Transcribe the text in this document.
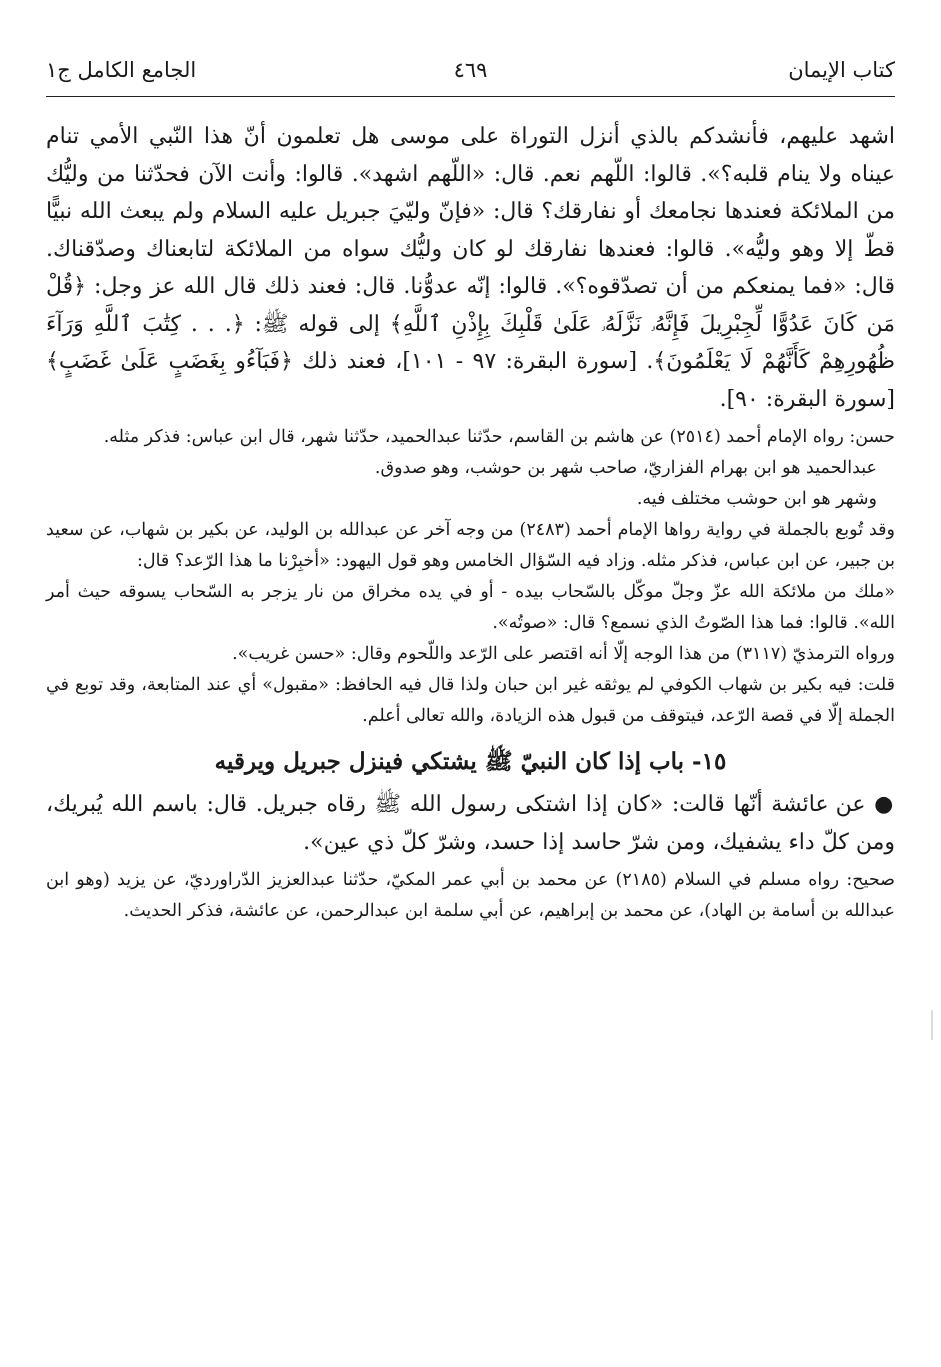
كتاب الإيمان
٤٦٩
الجامع الكامل ج١

اشهد عليهم، فأنشدكم بالذي أنزل التوراة على موسى هل تعلمون أنّ هذا النّبي الأمي تنام عيناه ولا ينام قلبه؟». قالوا: اللّهم نعم. قال: «اللّهم اشهد». قالوا: وأنت الآن فحدّثنا من وليُّك من الملائكة فعندها نجامعك أو نفارقك؟ قال: «فإنّ وليّيَ جبريل عليه السلام ولم يبعث الله نبيًّا قطّ إلا وهو وليُّه». قالوا: فعندها نفارقك لو كان وليُّك سواه من الملائكة لتابعناك وصدّقناك. قال: «فما يمنعكم من أن تصدّقوه؟». قالوا: إنّه عدوُّنا. قال: فعند ذلك قال الله عز وجل: ﴿قُلْ مَن كَانَ عَدُوًّا لِّجِبْرِيلَ فَإِنَّهُۥ نَزَّلَهُۥ عَلَىٰ قَلْبِكَ بِإِذْنِ ٱللَّهِ﴾ إلى قوله ﷺ: ﴿. . . كِتَٰبَ ٱللَّهِ وَرَآءَ ظُهُورِهِمْ كَأَنَّهُمْ لَا يَعْلَمُونَ﴾. [سورة البقرة: ٩٧ - ١٠١]، فعند ذلك ﴿فَبَآءُو بِغَضَبٍ عَلَىٰ غَضَبٍ﴾ [سورة البقرة: ٩٠].

حسن: رواه الإمام أحمد (٢٥١٤) عن هاشم بن القاسم، حدّثنا عبدالحميد، حدّثنا شهر، قال ابن عباس: فذكر مثله.

عبدالحميد هو ابن بهرام الفزاريّ، صاحب شهر بن حوشب، وهو صدوق.

وشهر هو ابن حوشب مختلف فيه.

وقد تُوبع بالجملة في رواية رواها الإمام أحمد (٢٤٨٣) من وجه آخر عن عبدالله بن الوليد، عن بكير بن شهاب، عن سعيد بن جبير، عن ابن عباس، فذكر مثله. وزاد فيه السّؤال الخامس وهو قول اليهود: «أخبِرْنا ما هذا الرّعد؟ قال:

«ملك من ملائكة الله عزّ وجلّ موكّل بالسّحاب بيده - أو في يده مخراق من نار يزجر به السّحاب يسوقه حيث أمر الله». قالوا: فما هذا الصّوتُ الذي نسمع؟ قال: «صوتُه».

ورواه الترمذيّ (٣١١٧) من هذا الوجه إلّا أنه اقتصر على الرّعد واللّحوم وقال: «حسن غريب».

قلت: فيه بكير بن شهاب الكوفي لم يوثقه غير ابن حبان ولذا قال فيه الحافظ: «مقبول» أي عند المتابعة، وقد توبع في الجملة إلّا في قصة الرّعد، فيتوقف من قبول هذه الزيادة، والله تعالى أعلم.

١٥- باب إذا كان النبيّ ﷺ يشتكي فينزل جبريل ويرقيه

● عن عائشة أنّها قالت: «كان إذا اشتكى رسول الله ﷺ رقاه جبريل. قال: باسم الله يُبريك، ومن كلّ داء يشفيك، ومن شرّ حاسد إذا حسد، وشرّ كلّ ذي عين».

صحيح: رواه مسلم في السلام (٢١٨٥) عن محمد بن أبي عمر المكيّ، حدّثنا عبدالعزيز الدّراورديّ، عن يزيد (وهو ابن عبدالله بن أسامة بن الهاد)، عن محمد بن إبراهيم، عن أبي سلمة ابن عبدالرحمن، عن عائشة، فذكر الحديث.
